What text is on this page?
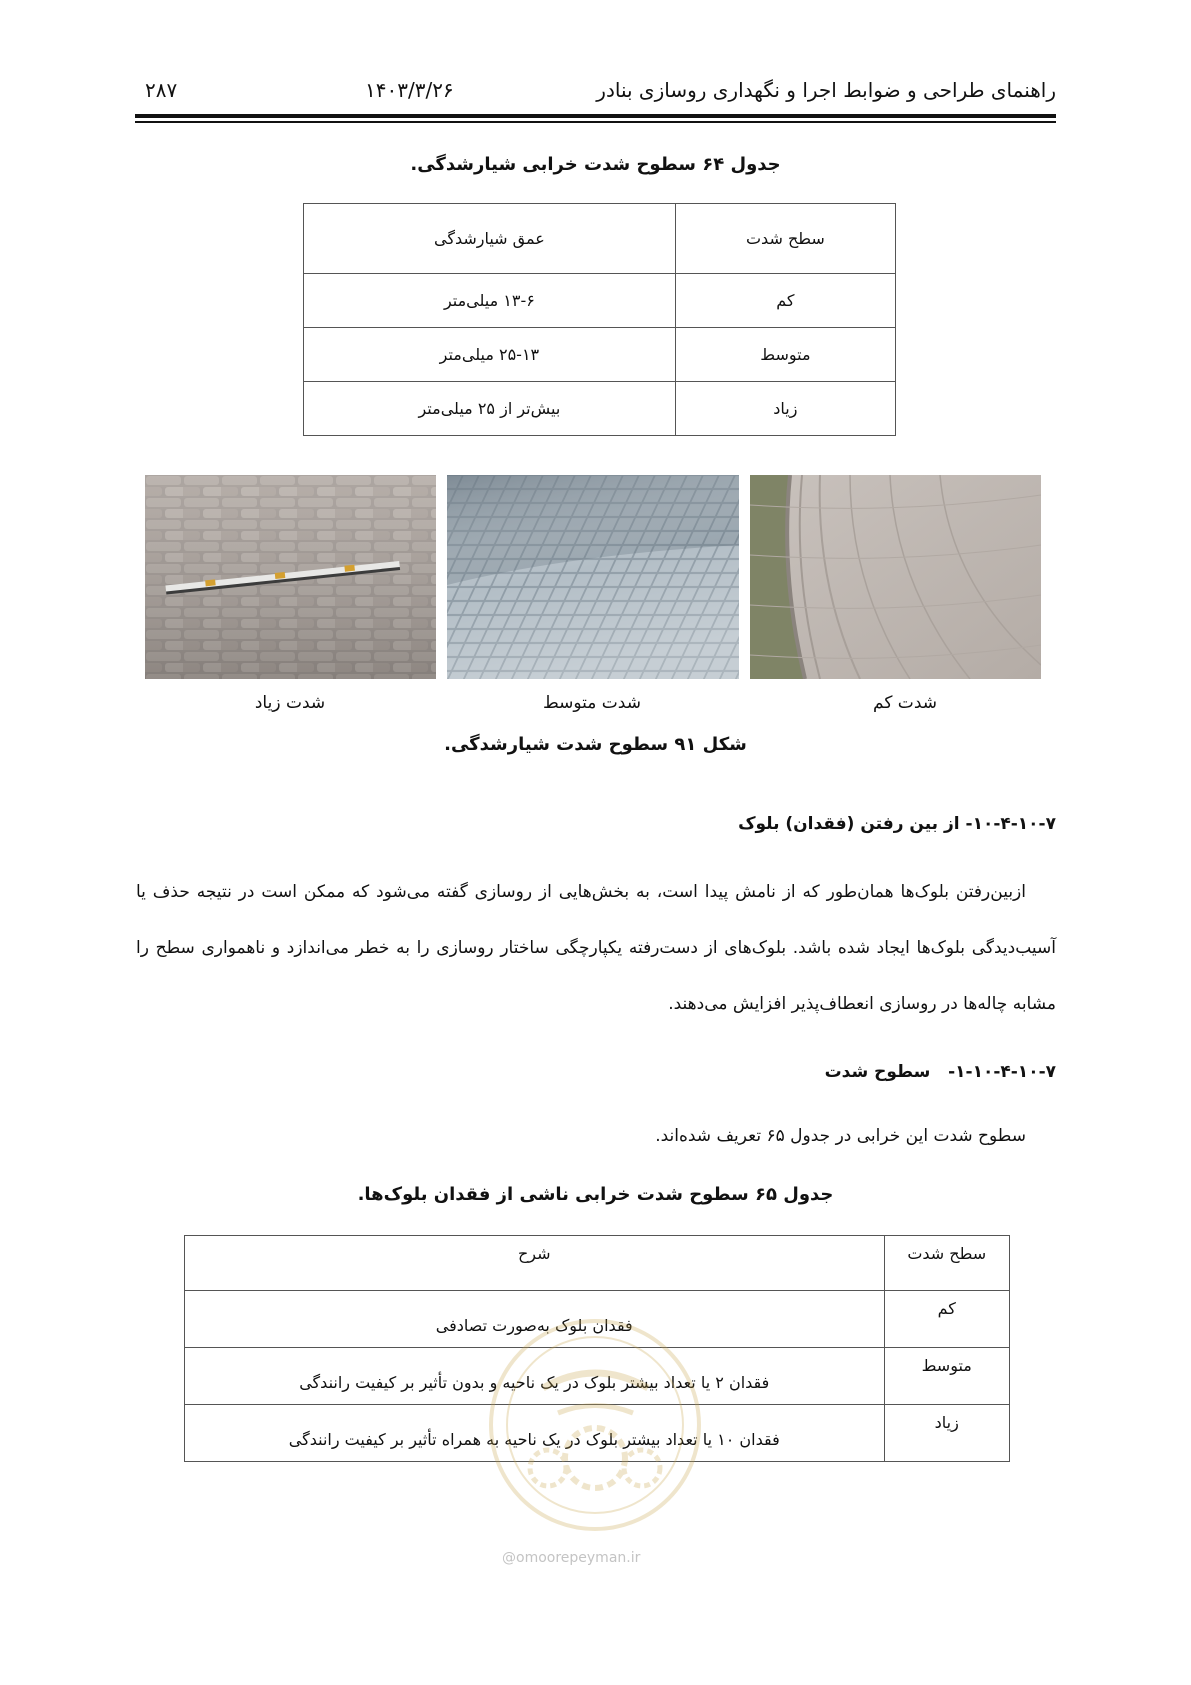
۲۸۷	۱۴۰۳/۳/۲۶	راهنمای طراحی و ضوابط اجرا و نگهداری روسازی بنادر
جدول ۶۴ سطوح شدت خرابی شیارشدگی.
عمق شیارشدگی	سطح شدت
۱۳-۶ میلی‌متر	کم
۲۵-۱۳ میلی‌متر	متوسط
بیش‌تر از ۲۵ میلی‌متر	زیاد
شدت زیاد	شدت متوسط	شدت کم
شکل ۹۱ سطوح شدت شیارشدگی.
۱۰-۴-۱۰-۷- از بین رفتن (فقدان) بلوک
ازبین‌رفتن بلوک‌ها همان‌طور که از نامش پیدا است، به بخش‌هایی از روسازی گفته می‌شود که ممکن است در نتیجه حذف یا آسیب‌دیدگی بلوک‌ها ایجاد شده باشد. بلوک‌های از دست‌رفته یکپارچگی ساختار روسازی را به خطر می‌اندازد و ناهمواری سطح را مشابه چاله‌ها در روسازی انعطاف‌پذیر افزایش می‌دهند.
۱-۱۰-۴-۱۰-۷-   سطوح شدت
سطوح شدت این خرابی در جدول ۶۵ تعریف شده‌اند.
جدول ۶۵ سطوح شدت خرابی ناشی از فقدان بلوک‌ها.
شرح	سطح شدت
فقدان بلوک به‌صورت تصادفی	کم
فقدان ۲ یا تعداد بیشتر بلوک در یک ناحیه و بدون تأثیر بر کیفیت رانندگی	متوسط
فقدان ۱۰ یا تعداد بیشتر بلوک در یک ناحیه به همراه تأثیر بر کیفیت رانندگی	زیاد
@omoorepeyman.ir
